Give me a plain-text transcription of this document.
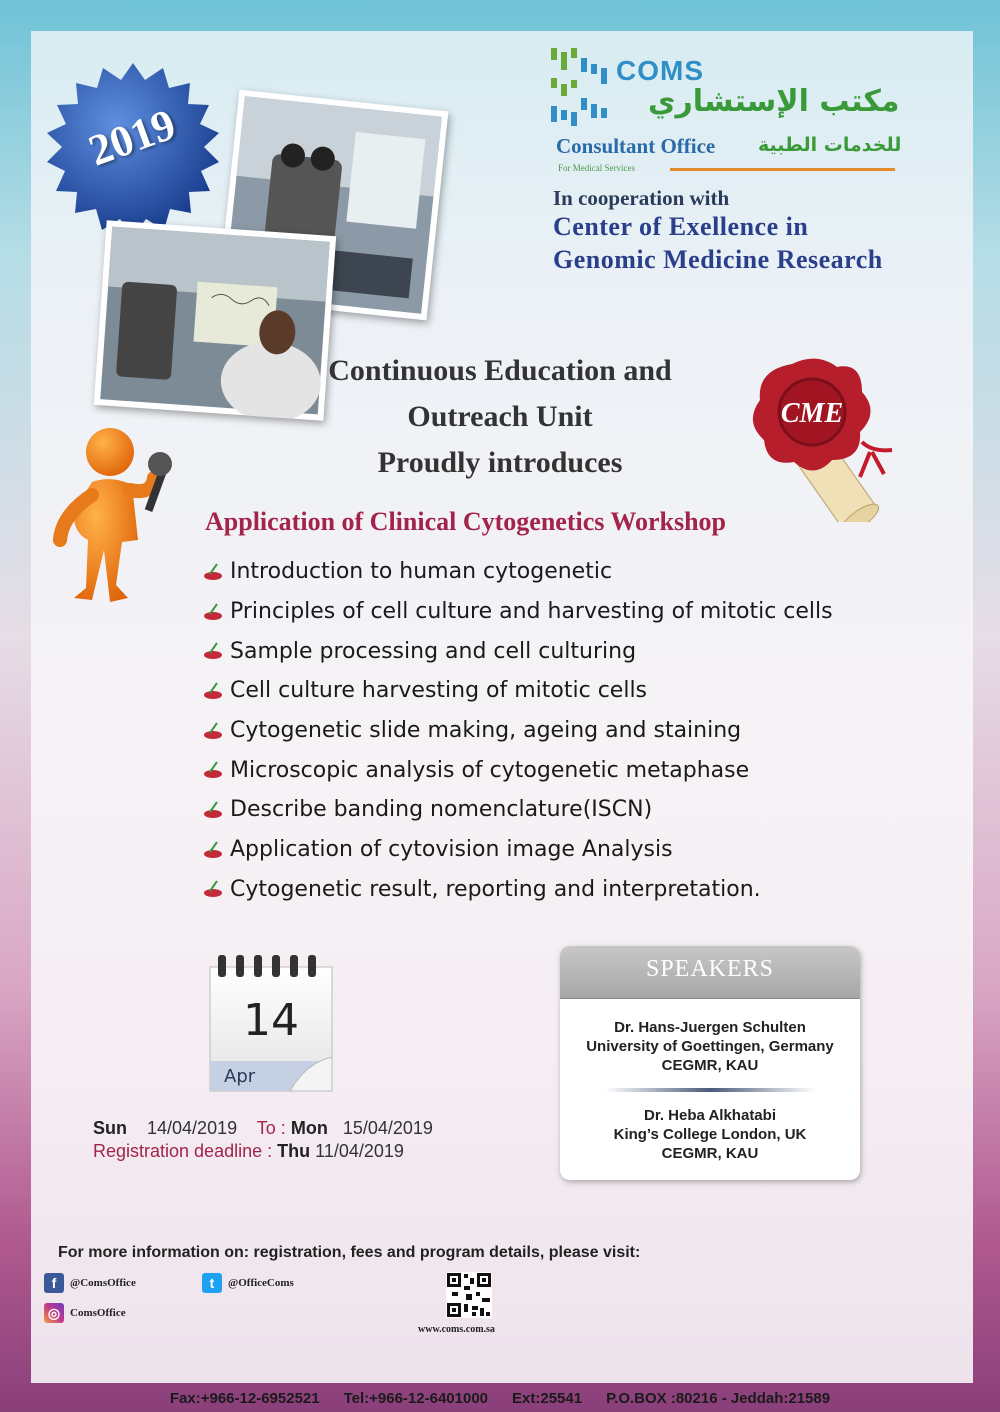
2019
COMS
مكتب الإستشاري
Consultant Office للخدمات الطبية
For Medical Services
In cooperation with
Center of Exellence in
Genomic Medicine Research
Continuous Education and
Outreach Unit
Proudly introduces
CME
Application of Clinical Cytogenetics Workshop
Introduction to human cytogenetic
Principles of cell culture and harvesting of mitotic cells
Sample processing and cell culturing
Cell culture harvesting of mitotic cells
Cytogenetic slide making, ageing and staining
Microscopic analysis of cytogenetic metaphase
Describe banding nomenclature(ISCN)
Application of cytovision image Analysis
Cytogenetic result, reporting and interpretation.
14
Apr
Sun 14/04/2019 To : Mon 15/04/2019
Registration deadline : Thu 11/04/2019
SPEAKERS
Dr. Hans-Juergen Schulten
University of Goettingen, Germany
CEGMR, KAU
Dr. Heba Alkhatabi
King’s College London, UK
CEGMR, KAU
For more information on: registration, fees and program details, please visit:
f	@ComsOffice	t	@OfficeComs
◎ ComsOffice
www.coms.com.sa
Fax:+966-12-6952521 Tel:+966-12-6401000 Ext:25541 P.O.BOX :80216 - Jeddah:21589
